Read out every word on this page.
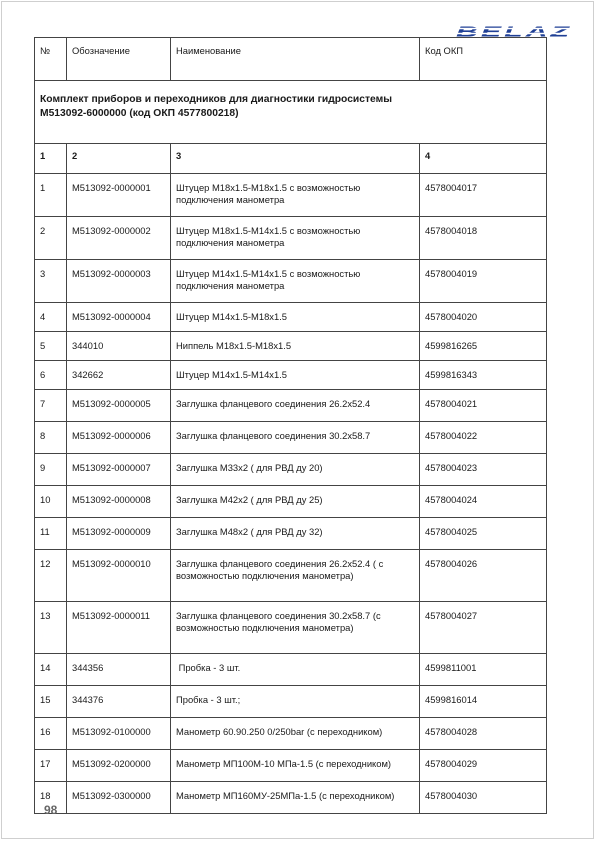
BELAZ
№	Обозначение	Наименование	Код ОКП
Комплект приборов и переходников для диагностики гидросистемы
М513092-6000000 (код ОКП 4577800218)			
1	2	3	4
1	М513092-0000001	Штуцер М18х1.5-М18х1.5 с возможностью подключения манометра	4578004017
2	М513092-0000002	Штуцер М18х1.5-М14х1.5 с возможностью подключения манометра	4578004018
3	М513092-0000003	Штуцер М14х1.5-М14х1.5 с возможностью подключения манометра	4578004019
4	М513092-0000004	Штуцер М14х1.5-М18х1.5	4578004020
5	344010	Ниппель М18х1.5-М18х1.5	4599816265
6	342662	Штуцер М14х1.5-М14х1.5	4599816343
7	М513092-0000005	Заглушка фланцевого соединения 26.2х52.4	4578004021
8	М513092-0000006	Заглушка фланцевого соединения 30.2х58.7	4578004022
9	М513092-0000007	Заглушка М33х2 ( для РВД ду 20)	4578004023
10	М513092-0000008	Заглушка М42х2 ( для РВД ду 25)	4578004024
11	М513092-0000009	Заглушка М48х2 ( для РВД ду 32)	4578004025
12	М513092-0000010	Заглушка фланцевого соединения 26.2х52.4 ( с возможностью подключения манометра)	4578004026
13	М513092-0000011	Заглушка фланцевого соединения 30.2х58.7 (с возможностью подключения манометра)	4578004027
14	344356	Пробка - 3 шт.	4599811001
15	344376	Пробка - 3 шт.;	4599816014
16	М513092-0100000	Манометр 60.90.250 0/250bar (с переходником)	4578004028
17	М513092-0200000	Манометр МП100М-10 МПа-1.5 (с переходником)	4578004029
18	М513092-0300000	Манометр МП160МУ-25МПа-1.5 (с переходником)	4578004030
98
